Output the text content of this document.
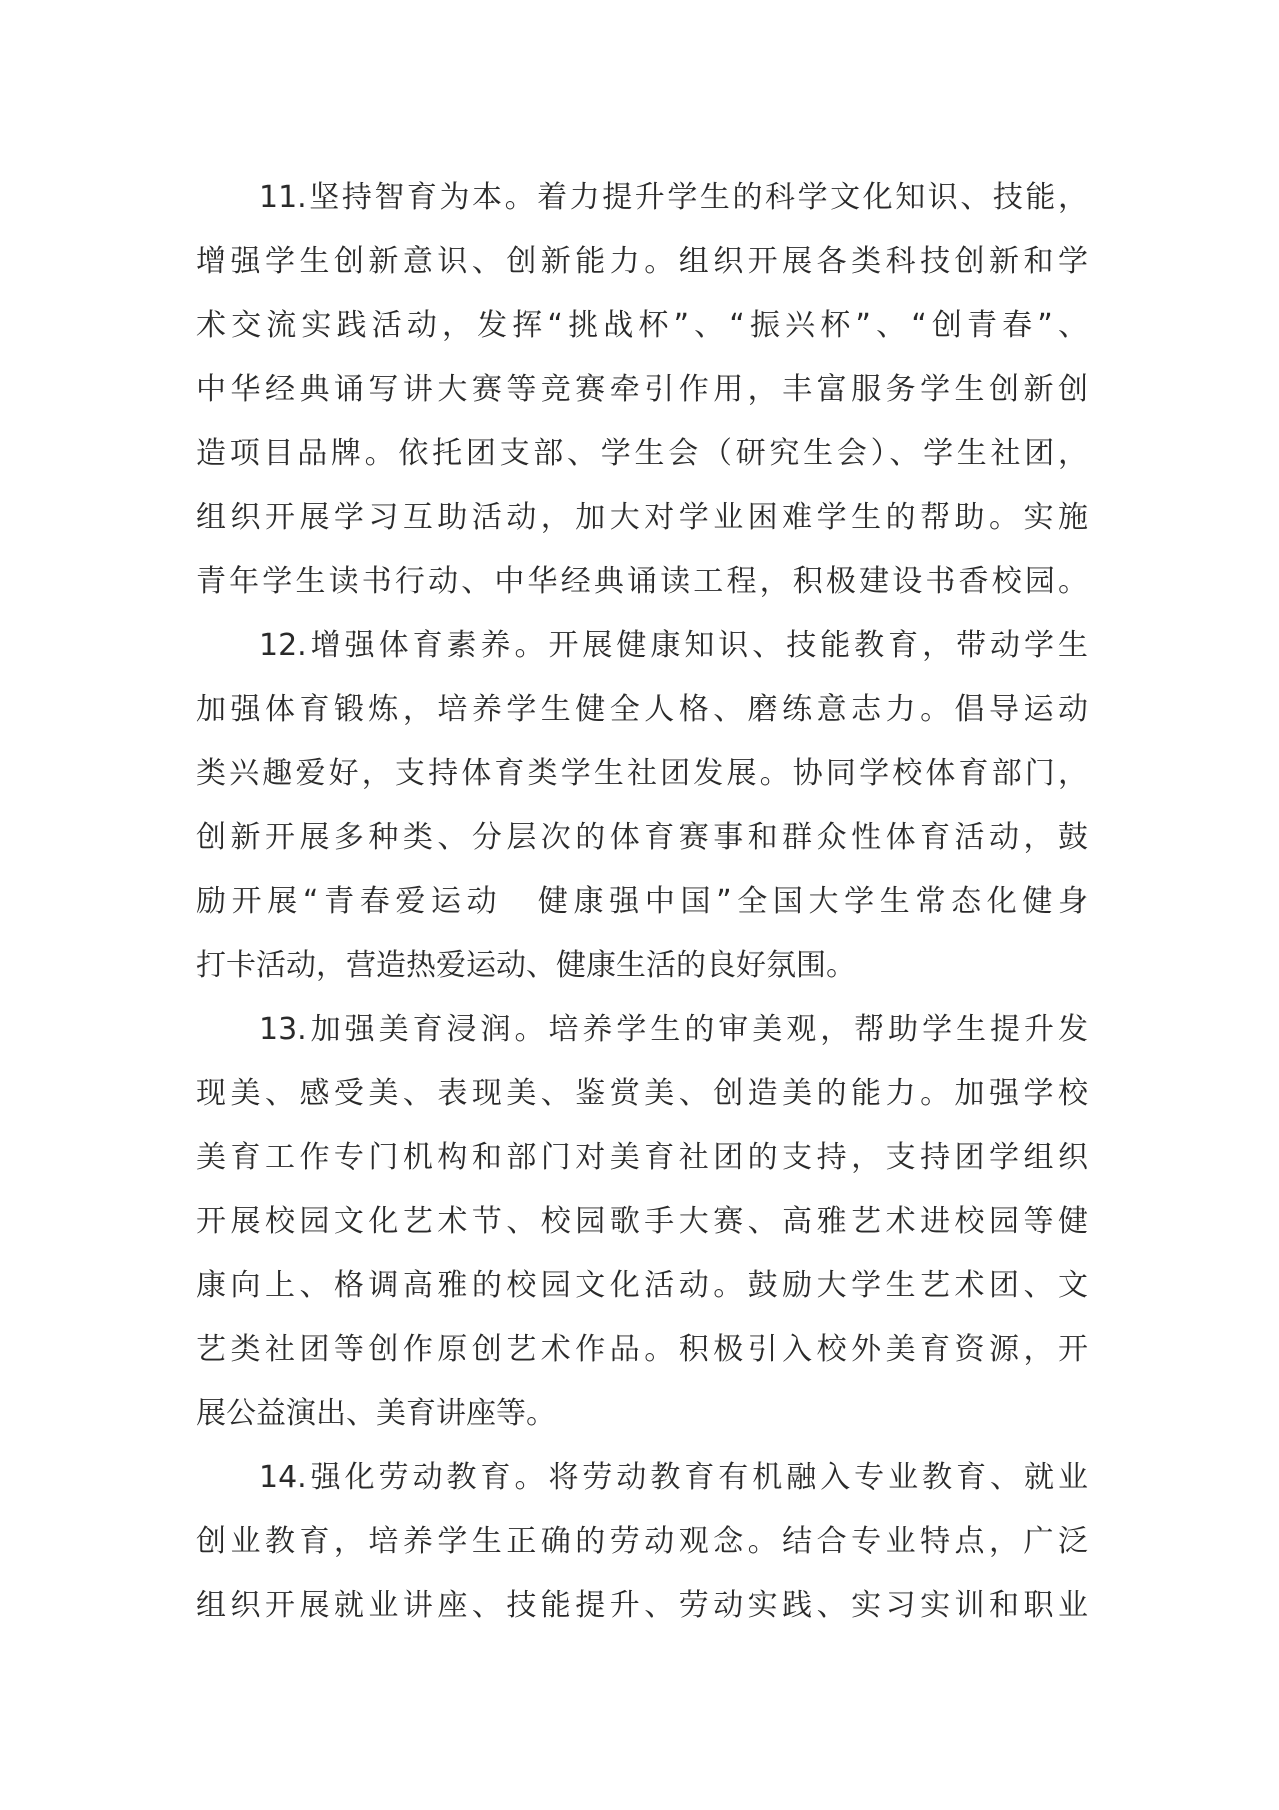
11.坚持智育为本。着力提升学生的科学文化知识、技能，
增强学生创新意识、创新能力。组织开展各类科技创新和学
术交流实践活动，发挥“挑战杯”、“振兴杯”、“创青春”、
中华经典诵写讲大赛等竞赛牵引作用，丰富服务学生创新创
造项目品牌。依托团支部、学生会（研究生会）、学生社团，
组织开展学习互助活动，加大对学业困难学生的帮助。实施
青年学生读书行动、中华经典诵读工程，积极建设书香校园。
12.增强体育素养。开展健康知识、技能教育，带动学生
加强体育锻炼，培养学生健全人格、磨练意志力。倡导运动
类兴趣爱好，支持体育类学生社团发展。协同学校体育部门，
创新开展多种类、分层次的体育赛事和群众性体育活动，鼓
励开展“青春爱运动　健康强中国”全国大学生常态化健身
打卡活动，营造热爱运动、健康生活的良好氛围。
13.加强美育浸润。培养学生的审美观，帮助学生提升发
现美、感受美、表现美、鉴赏美、创造美的能力。加强学校
美育工作专门机构和部门对美育社团的支持，支持团学组织
开展校园文化艺术节、校园歌手大赛、高雅艺术进校园等健
康向上、格调高雅的校园文化活动。鼓励大学生艺术团、文
艺类社团等创作原创艺术作品。积极引入校外美育资源，开
展公益演出、美育讲座等。
14.强化劳动教育。将劳动教育有机融入专业教育、就业
创业教育，培养学生正确的劳动观念。结合专业特点，广泛
组织开展就业讲座、技能提升、劳动实践、实习实训和职业
